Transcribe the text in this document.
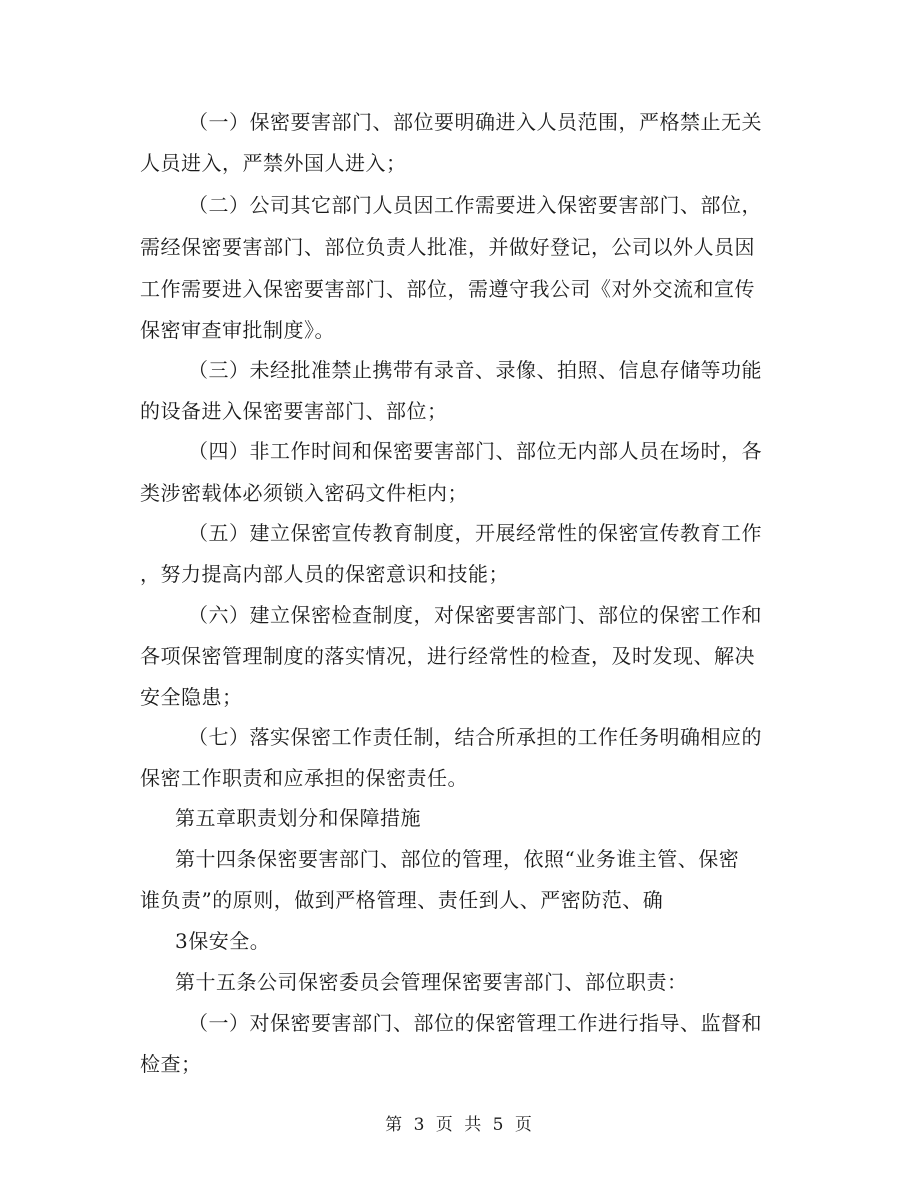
（一）保密要害部门、部位要明确进入人员范围，严格禁止无关
人员进入，严禁外国人进入；
（二）公司其它部门人员因工作需要进入保密要害部门、部位，
需经保密要害部门、部位负责人批准，并做好登记，公司以外人员因
工作需要进入保密要害部门、部位，需遵守我公司《对外交流和宣传
保密审查审批制度》。
（三）未经批准禁止携带有录音、录像、拍照、信息存储等功能
的设备进入保密要害部门、部位；
（四）非工作时间和保密要害部门、部位无内部人员在场时，各
类涉密载体必须锁入密码文件柜内；
（五）建立保密宣传教育制度，开展经常性的保密宣传教育工作
，努力提高内部人员的保密意识和技能；
（六）建立保密检查制度，对保密要害部门、部位的保密工作和
各项保密管理制度的落实情况，进行经常性的检查，及时发现、解决
安全隐患；
（七）落实保密工作责任制，结合所承担的工作任务明确相应的
保密工作职责和应承担的保密责任。
第五章职责划分和保障措施
第十四条保密要害部门、部位的管理，依照“业务谁主管、保密
谁负责”的原则，做到严格管理、责任到人、严密防范、确
3保安全。
第十五条公司保密委员会管理保密要害部门、部位职责：
（一）对保密要害部门、部位的保密管理工作进行指导、监督和
检查；
第 3 页 共 5 页
